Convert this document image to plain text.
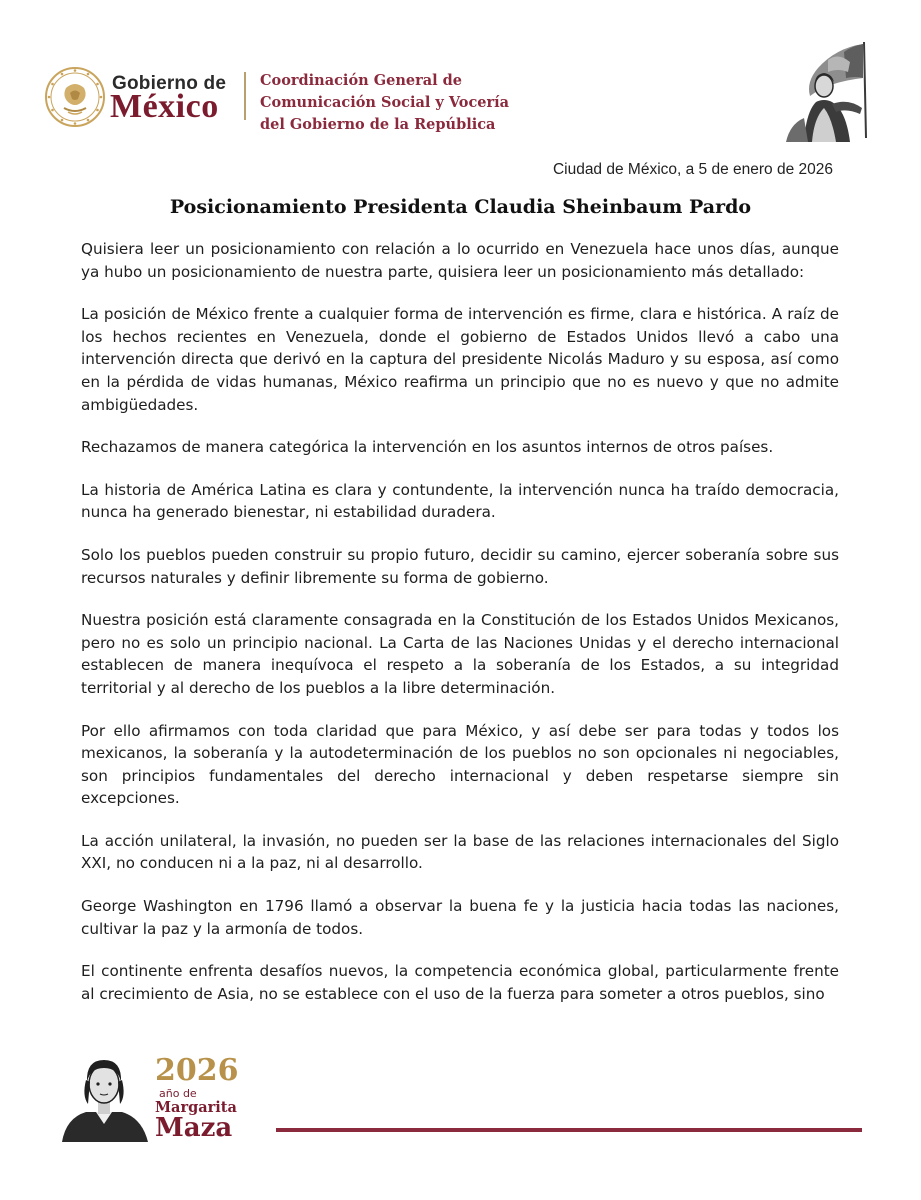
Gobierno de
México
Coordinación General de
Comunicación Social y Vocería
del Gobierno de la República
Ciudad de México, a 5 de enero de 2026
Posicionamiento Presidenta Claudia Sheinbaum Pardo

Quisiera leer un posicionamiento con relación a lo ocurrido en Venezuela hace unos días, aunque ya hubo un posicionamiento de nuestra parte, quisiera leer un posicionamiento más detallado:

La posición de México frente a cualquier forma de intervención es firme, clara e histórica. A raíz de los hechos recientes en Venezuela, donde el gobierno de Estados Unidos llevó a cabo una intervención directa que derivó en la captura del presidente Nicolás Maduro y su esposa, así como en la pérdida de vidas humanas, México reafirma un principio que no es nuevo y que no admite ambigüedades.

Rechazamos de manera categórica la intervención en los asuntos internos de otros países.

La historia de América Latina es clara y contundente, la intervención nunca ha traído democracia, nunca ha generado bienestar, ni estabilidad duradera.

Solo los pueblos pueden construir su propio futuro, decidir su camino, ejercer soberanía sobre sus recursos naturales y definir libremente su forma de gobierno.

Nuestra posición está claramente consagrada en la Constitución de los Estados Unidos Mexicanos, pero no es solo un principio nacional. La Carta de las Naciones Unidas y el derecho internacional establecen de manera inequívoca el respeto a la soberanía de los Estados, a su integridad territorial y al derecho de los pueblos a la libre determinación.

Por ello afirmamos con toda claridad que para México, y así debe ser para todas y todos los mexicanos, la soberanía y la autodeterminación de los pueblos no son opcionales ni negociables, son principios fundamentales del derecho internacional y deben respetarse siempre sin excepciones.

La acción unilateral, la invasión, no pueden ser la base de las relaciones internacionales del Siglo XXI, no conducen ni a la paz, ni al desarrollo.

George Washington en 1796 llamó a observar la buena fe y la justicia hacia todas las naciones, cultivar la paz y la armonía de todos.

El continente enfrenta desafíos nuevos, la competencia económica global, particularmente frente al crecimiento de Asia, no se establece con el uso de la fuerza para someter a otros pueblos, sino

2026
año de
Margarita
Maza
